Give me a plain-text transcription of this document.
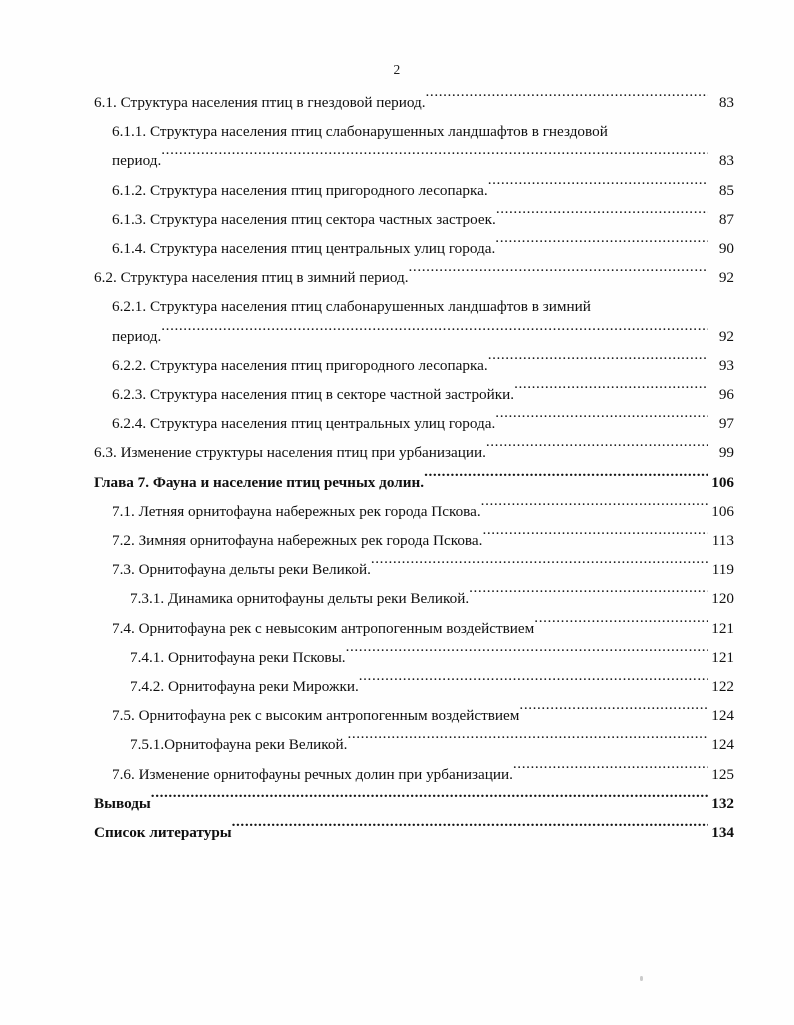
2
6.1. Структура населения птиц в гнездовой период. .....	83
6.1.1. Структура населения птиц слабонарушенных ландшафтов в гнездовой
период. .....	83
6.1.2. Структура населения птиц пригородного лесопарка. .....	85
6.1.3. Структура населения птиц сектора частных застроек. .....	87
6.1.4. Структура населения птиц центральных улиц города. .....	90
6.2. Структура населения птиц в зимний период. .....	92
6.2.1. Структура населения птиц слабонарушенных ландшафтов в зимний
период. .....	92
6.2.2. Структура населения птиц пригородного лесопарка. .....	93
6.2.3. Структура населения птиц в секторе частной застройки. .....	96
6.2.4. Структура населения птиц центральных улиц города. .....	97
6.3. Изменение структуры населения птиц при урбанизации. .....	99
Глава 7. Фауна и население птиц речных долин. .....	106
7.1. Летняя орнитофауна набережных рек города Пскова. .....	106
7.2. Зимняя орнитофауна набережных рек города Пскова. .....	113
7.3. Орнитофауна дельты реки Великой. .....	119
7.3.1. Динамика орнитофауны дельты реки Великой. .....	120
7.4. Орнитофауна рек с невысоким антропогенным воздействием .....	121
7.4.1. Орнитофауна реки Псковы. .....	121
7.4.2. Орнитофауна реки Мирожки. .....	122
7.5. Орнитофауна рек с высоким антропогенным воздействием .....	124
7.5.1.Орнитофауна реки Великой. .....	124
7.6. Изменение орнитофауны речных долин при урбанизации. .....	125
Выводы .....	132
Список литературы .....	134
